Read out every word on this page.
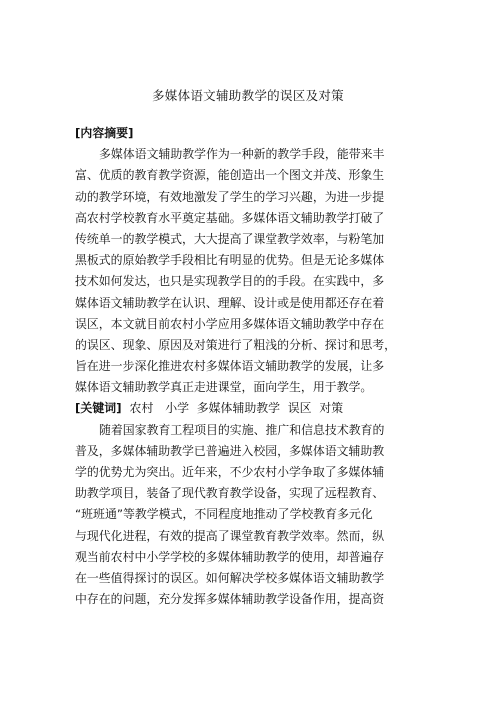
多媒体语文辅助教学的误区及对策
[内容摘要]
多媒体语文辅助教学作为一种新的教学手段，能带来丰
富、优质的教育教学资源，能创造出一个图文并茂、形象生
动的教学环境，有效地激发了学生的学习兴趣，为进一步提
高农村学校教育水平奠定基础。多媒体语文辅助教学打破了
传统单一的教学模式，大大提高了课堂教学效率，与粉笔加
黑板式的原始教学手段相比有明显的优势。但是无论多媒体
技术如何发达，也只是实现教学目的的手段。在实践中，多
媒体语文辅助教学在认识、理解、设计或是使用都还存在着
误区，本文就目前农村小学应用多媒体语文辅助教学中存在
的误区、现象、原因及对策进行了粗浅的分析、探讨和思考，
旨在进一步深化推进农村多媒体语文辅助教学的发展，让多
媒体语文辅助教学真正走进课堂，面向学生，用于教学。
[关键词] 农村　小学 多媒体辅助教学 误区 对策
随着国家教育工程项目的实施、推广和信息技术教育的
普及，多媒体辅助教学已普遍进入校园，多媒体语文辅助教
学的优势尤为突出。近年来，不少农村小学争取了多媒体辅
助教学项目，装备了现代教育教学设备，实现了远程教育、
“班班通”等教学模式，不同程度地推动了学校教育多元化
与现代化进程，有效的提高了课堂教育教学效率。然而，纵
观当前农村中小学学校的多媒体辅助教学的使用，却普遍存
在一些值得探讨的误区。如何解决学校多媒体语文辅助教学
中存在的问题，充分发挥多媒体辅助教学设备作用，提高资
